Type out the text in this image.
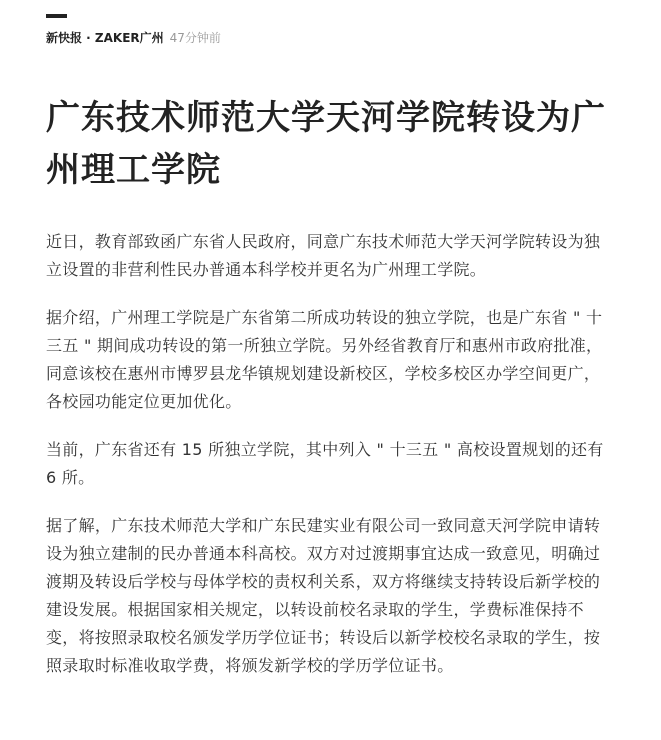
新快报 · ZAKER广州 47分钟前
广东技术师范大学天河学院转设为广州理工学院

近日，教育部致函广东省人民政府，同意广东技术师范大学天河学院转设为独立设置的非营利性民办普通本科学校并更名为广州理工学院。

据介绍，广州理工学院是广东省第二所成功转设的独立学院，也是广东省 " 十三五 " 期间成功转设的第一所独立学院。另外经省教育厅和惠州市政府批准，同意该校在惠州市博罗县龙华镇规划建设新校区，学校多校区办学空间更广，各校园功能定位更加优化。

当前，广东省还有 15 所独立学院，其中列入 " 十三五 " 高校设置规划的还有 6 所。

据了解，广东技术师范大学和广东民建实业有限公司一致同意天河学院申请转设为独立建制的民办普通本科高校。双方对过渡期事宜达成一致意见，明确过渡期及转设后学校与母体学校的责权利关系，双方将继续支持转设后新学校的建设发展。根据国家相关规定，以转设前校名录取的学生，学费标准保持不变，将按照录取校名颁发学历学位证书；转设后以新学校校名录取的学生，按照录取时标准收取学费，将颁发新学校的学历学位证书。
